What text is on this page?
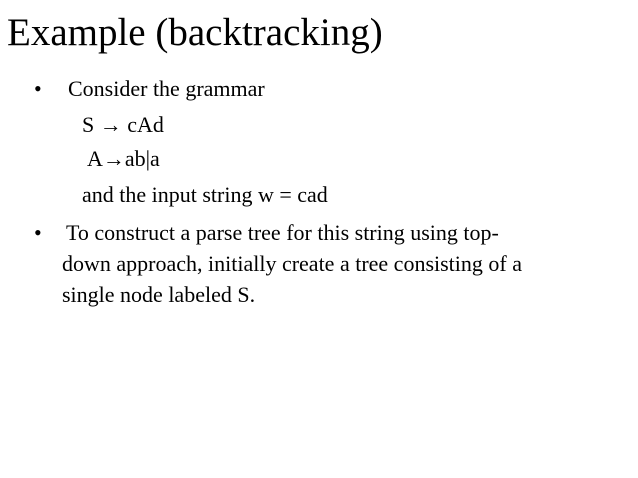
Example (backtracking)
• Consider the grammar
S → cAd
A→ab|a
and the input string w = cad
• To construct a parse tree for this string using top-
down approach, initially create a tree consisting of a
single node labeled S.
